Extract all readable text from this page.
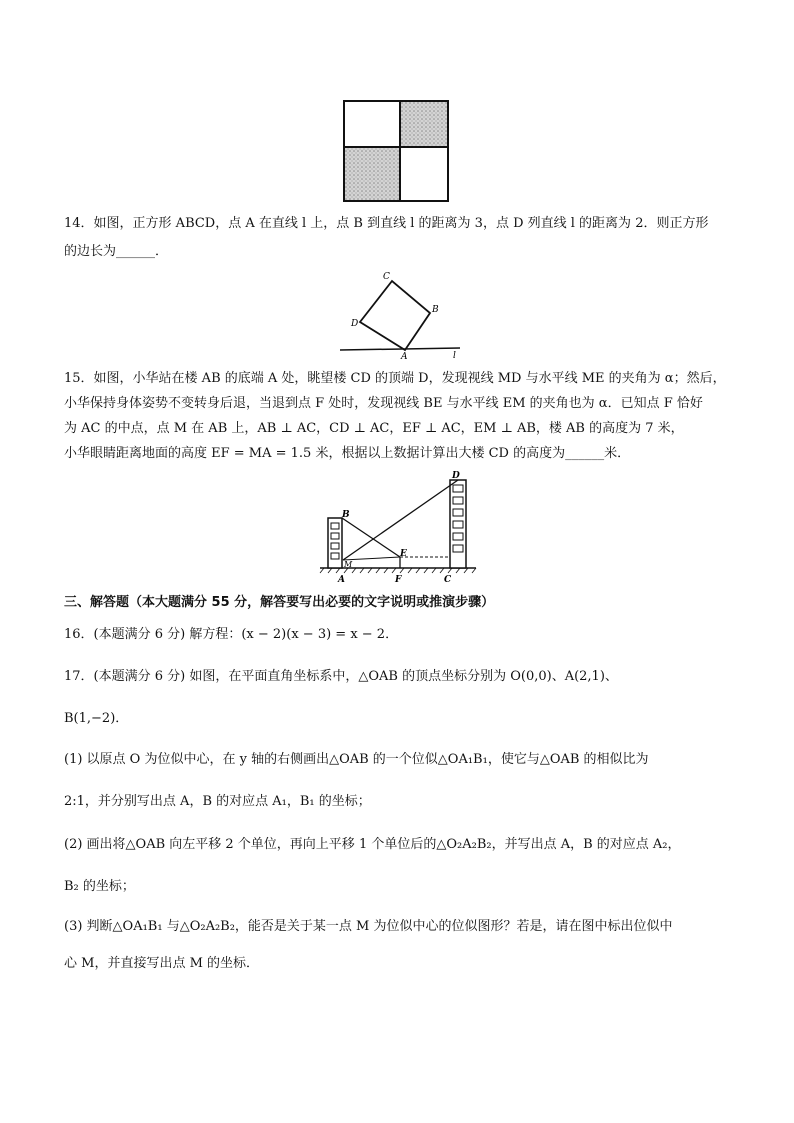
14．如图，正方形 ABCD，点 A 在直线 l 上，点 B 到直线 l 的距离为 3，点 D 列直线 l 的距离为 2．则正方形
的边长为______．
C
B
D
A	l
15．如图，小华站在楼 AB 的底端 A 处，眺望楼 CD 的顶端 D，发现视线 MD 与水平线 ME 的夹角为 α；然后，
小华保持身体姿势不变转身后退，当退到点 F 处时，发现视线 BE 与水平线 EM 的夹角也为 α．已知点 F 恰好
为 AC 的中点，点 M 在 AB 上，AB ⊥ AC，CD ⊥ AC，EF ⊥ AC，EM ⊥ AB，楼 AB 的高度为 7 米，
小华眼睛距离地面的高度 EF = MA = 1.5 米，根据以上数据计算出大楼 CD 的高度为______米．
B
M
E
D
A	F	C
三、解答题（本大题满分 55 分，解答要写出必要的文字说明或推演步骤）
16．(本题满分 6 分) 解方程：(x − 2)(x − 3) = x − 2．
17．(本题满分 6 分) 如图，在平面直角坐标系中，△OAB 的顶点坐标分别为 O(0,0)、A(2,1)、
B(1,−2)．
(1) 以原点 O 为位似中心，在 y 轴的右侧画出△OAB 的一个位似△OA₁B₁，使它与△OAB 的相似比为
2:1，并分别写出点 A，B 的对应点 A₁，B₁ 的坐标；
(2) 画出将△OAB 向左平移 2 个单位，再向上平移 1 个单位后的△O₂A₂B₂，并写出点 A，B 的对应点 A₂，
B₂ 的坐标；
(3) 判断△OA₁B₁ 与△O₂A₂B₂，能否是关于某一点 M 为位似中心的位似图形？若是，请在图中标出位似中
心 M，并直接写出点 M 的坐标．
